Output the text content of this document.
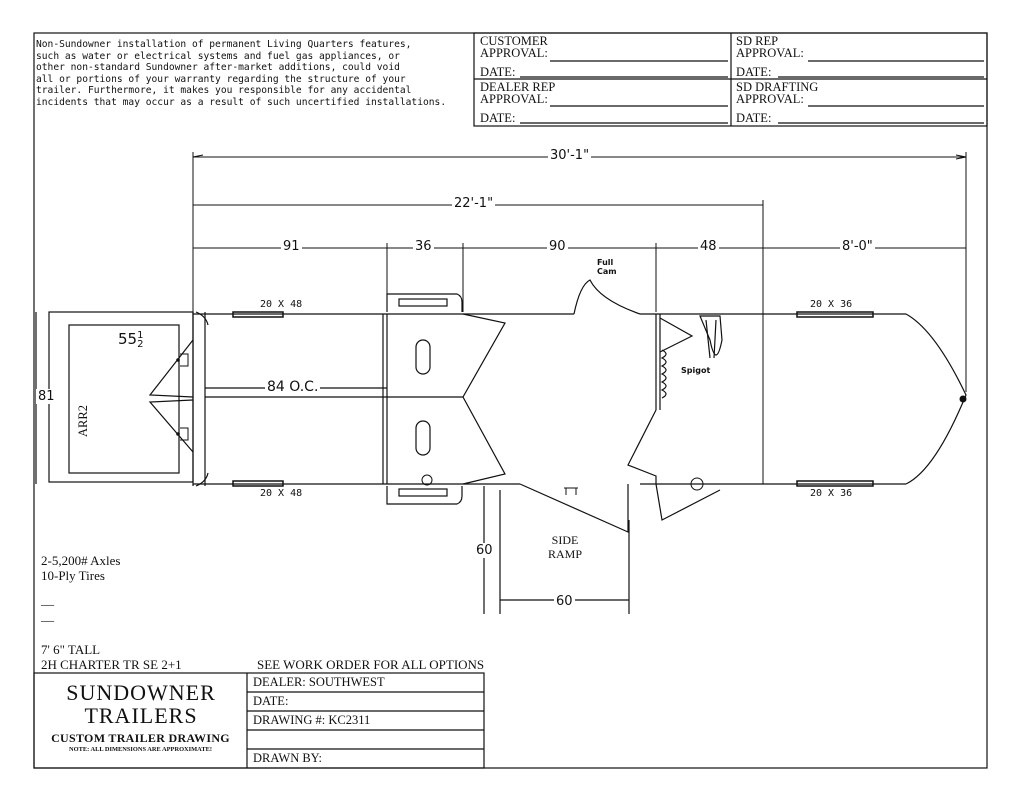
Non-Sundowner installation of permanent Living Quarters features,
such as water or electrical systems and fuel gas appliances, or
other non-standard Sundowner after-market additions, could void
all or portions of your warranty regarding the structure of your
trailer. Furthermore, it makes you responsible for any accidental
incidents that may occur as a result of such uncertified installations.
CUSTOMER
APPROVAL:
DATE:
SD REP
APPROVAL:
DATE:
DEALER REP
APPROVAL:
DATE:
SD DRAFTING
APPROVAL:
DATE:
30'-1"
22'-1"
91	36	90	48	8'-0"
81
55 1
2
84 O.C.
60
60
20 X 48
20 X 48
20 X 36
20 X 36
Full
Cam
Spigot
ARR2
SIDE
RAMP
2-5,200# Axles
10-Ply Tires
__
__
7' 6" TALL
2H CHARTER TR SE 2+1	SEE WORK ORDER FOR ALL OPTIONS
SUNDOWNER
TRAILERS
CUSTOM TRAILER DRAWING
NOTE: ALL DIMENSIONS ARE APPROXIMATE!
DEALER: SOUTHWEST
DATE:
DRAWING #: KC2311
DRAWN BY:
